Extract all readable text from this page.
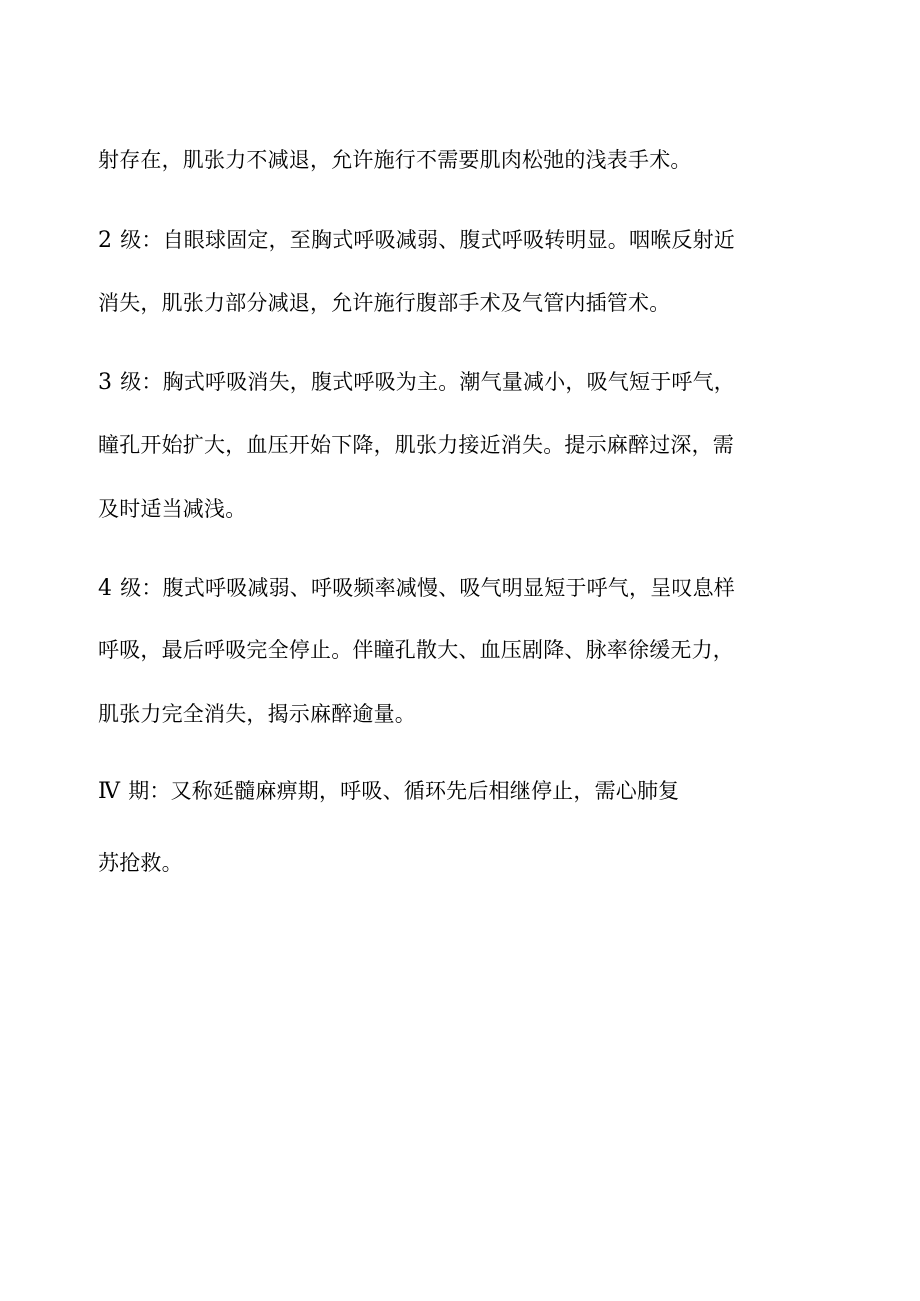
射存在，肌张力不减退，允许施行不需要肌肉松弛的浅表手术。
2 级：自眼球固定，至胸式呼吸减弱、腹式呼吸转明显。咽喉反射近
消失，肌张力部分减退，允许施行腹部手术及气管内插管术。
3 级：胸式呼吸消失，腹式呼吸为主。潮气量减小，吸气短于呼气，
瞳孔开始扩大，血压开始下降，肌张力接近消失。提示麻醉过深，需
及时适当减浅。
4 级：腹式呼吸减弱、呼吸频率减慢、吸气明显短于呼气，呈叹息样
呼吸，最后呼吸完全停止。伴瞳孔散大、血压剧降、脉率徐缓无力，
肌张力完全消失，揭示麻醉逾量。
Ⅳ 期：又称延髓麻痹期，呼吸、循环先后相继停止，需心肺复
苏抢救。
